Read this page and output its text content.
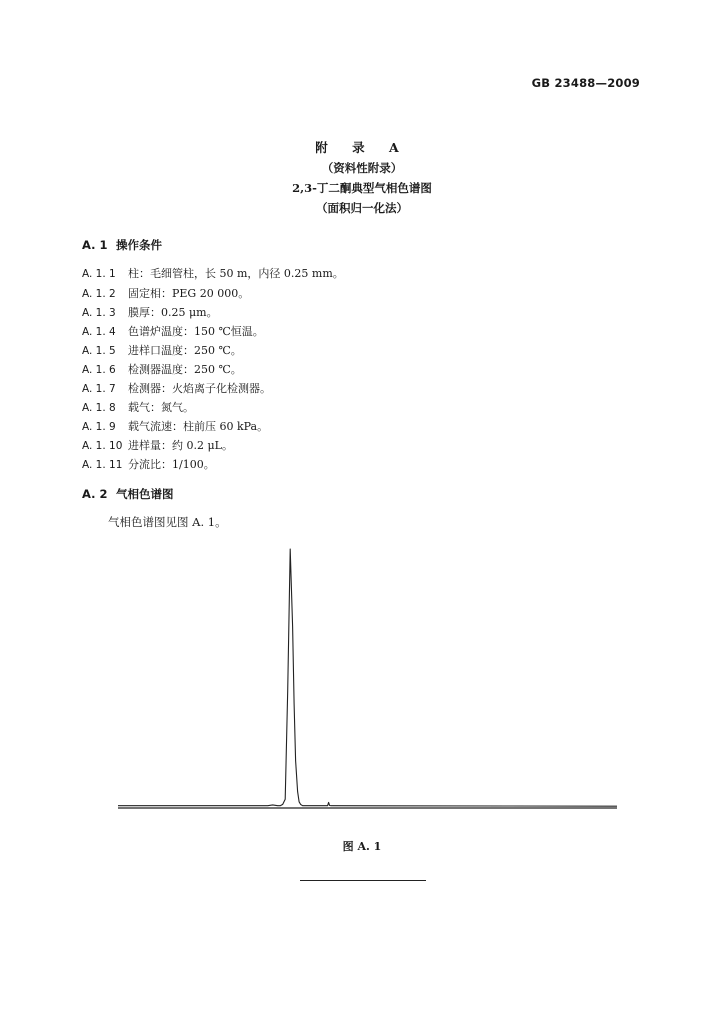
GB 23488—2009
附 录 A
（资料性附录）
2,3-丁二酮典型气相色谱图
（面积归一化法）
A. 1 操作条件
A. 1. 1 柱：毛细管柱，长 50 m，内径 0.25 mm。
A. 1. 2 固定相：PEG 20 000。
A. 1. 3 膜厚：0.25 μm。
A. 1. 4 色谱炉温度：150 ℃恒温。
A. 1. 5 进样口温度：250 ℃。
A. 1. 6 检测器温度：250 ℃。
A. 1. 7 检测器：火焰离子化检测器。
A. 1. 8 载气：氮气。
A. 1. 9 载气流速：柱前压 60 kPa。
A. 1. 10 进样量：约 0.2 μL。
A. 1. 11 分流比：1/100。
A. 2 气相色谱图
气相色谱图见图 A. 1。
图 A. 1
